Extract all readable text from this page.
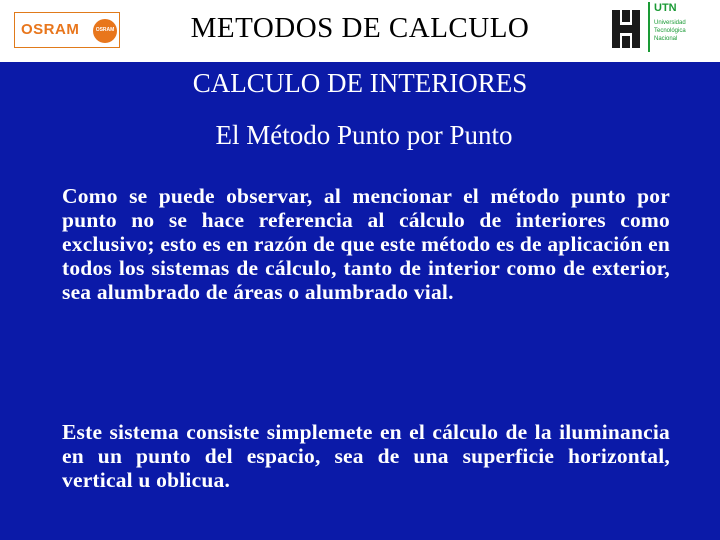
OSRAM	OSRAM	METODOS DE CALCULO
UTN
Universidad
Tecnológica
Nacional
CALCULO DE INTERIORES
El Método Punto por Punto

Como se puede observar, al mencionar el método punto por punto no se hace referencia al cálculo de interiores como exclusivo; esto es en razón de que este método es de aplicación en todos los sistemas de cálculo, tanto de interior como de exterior, sea alumbrado de áreas o alumbrado vial.

Este sistema consiste simplemete en el cálculo de la iluminancia en un punto del espacio, sea de una superficie horizontal, vertical u oblicua.
